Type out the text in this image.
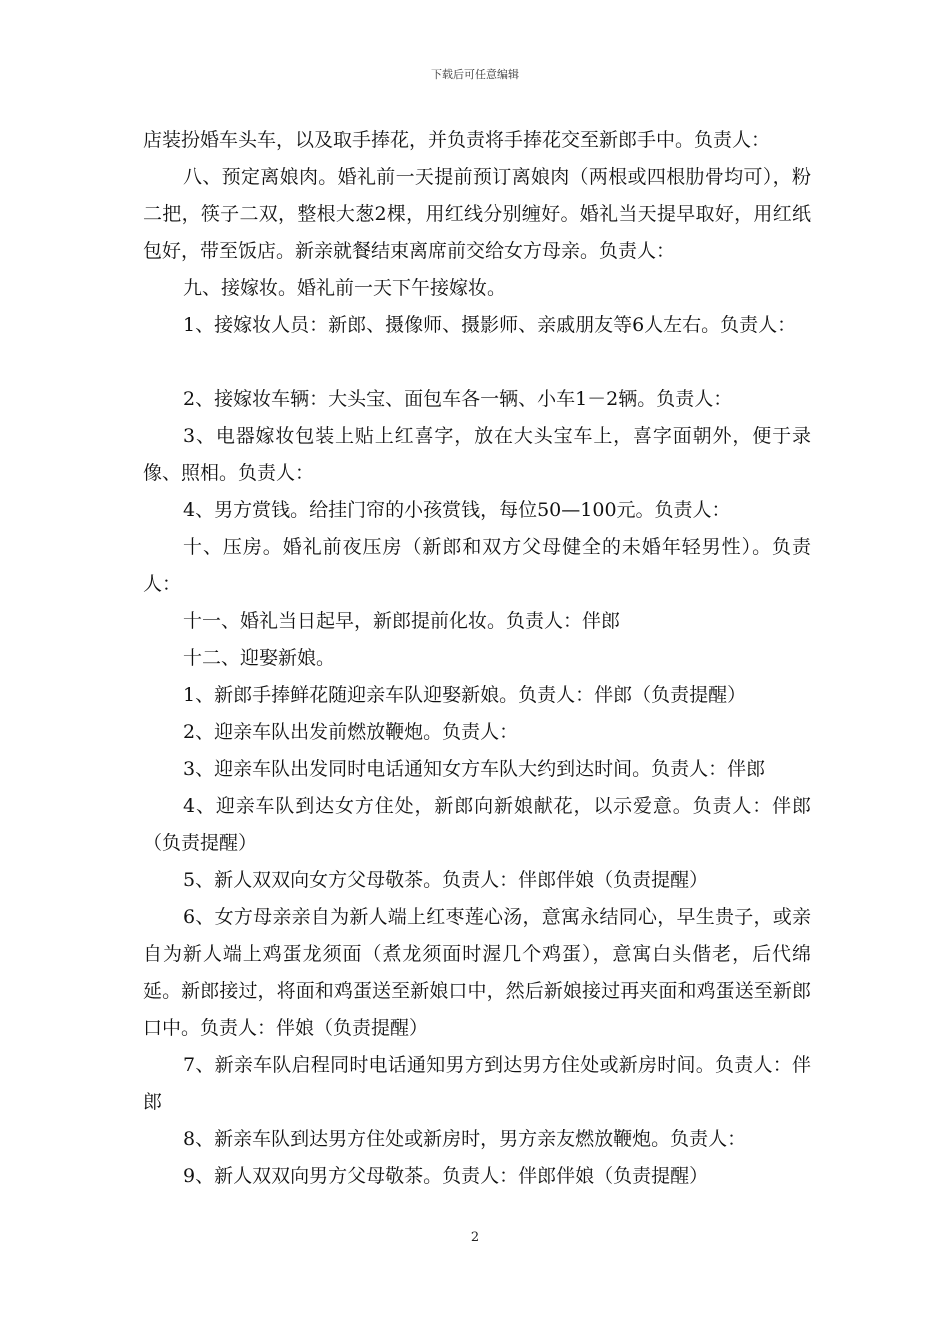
下载后可任意编辑

店装扮婚车头车，以及取手捧花，并负责将手捧花交至新郎手中。负责人：

八、预定离娘肉。婚礼前一天提前预订离娘肉（两根或四根肋骨均可），粉二把，筷子二双，整根大葱2棵，用红线分别缠好。婚礼当天提早取好，用红纸包好，带至饭店。新亲就餐结束离席前交给女方母亲。负责人：

九、接嫁妆。婚礼前一天下午接嫁妆。

1、接嫁妆人员：新郎、摄像师、摄影师、亲戚朋友等6人左右。负责人：

2、接嫁妆车辆：大头宝、面包车各一辆、小车1－2辆。负责人：

3、电器嫁妆包装上贴上红喜字，放在大头宝车上，喜字面朝外，便于录像、照相。负责人：

4、男方赏钱。给挂门帘的小孩赏钱，每位50—100元。负责人：

十、压房。婚礼前夜压房（新郎和双方父母健全的未婚年轻男性）。负责人：

十一、婚礼当日起早，新郎提前化妆。负责人：伴郎

十二、迎娶新娘。

1、新郎手捧鲜花随迎亲车队迎娶新娘。负责人：伴郎（负责提醒）

2、迎亲车队出发前燃放鞭炮。负责人：

3、迎亲车队出发同时电话通知女方车队大约到达时间。负责人：伴郎

4、迎亲车队到达女方住处，新郎向新娘献花，以示爱意。负责人：伴郎（负责提醒）

5、新人双双向女方父母敬茶。负责人：伴郎伴娘（负责提醒）

6、女方母亲亲自为新人端上红枣莲心汤，意寓永结同心，早生贵子，或亲自为新人端上鸡蛋龙须面（煮龙须面时渥几个鸡蛋），意寓白头偕老，后代绵延。新郎接过，将面和鸡蛋送至新娘口中，然后新娘接过再夹面和鸡蛋送至新郎口中。负责人：伴娘（负责提醒）

7、新亲车队启程同时电话通知男方到达男方住处或新房时间。负责人：伴郎

8、新亲车队到达男方住处或新房时，男方亲友燃放鞭炮。负责人：

9、新人双双向男方父母敬茶。负责人：伴郎伴娘（负责提醒）

2
